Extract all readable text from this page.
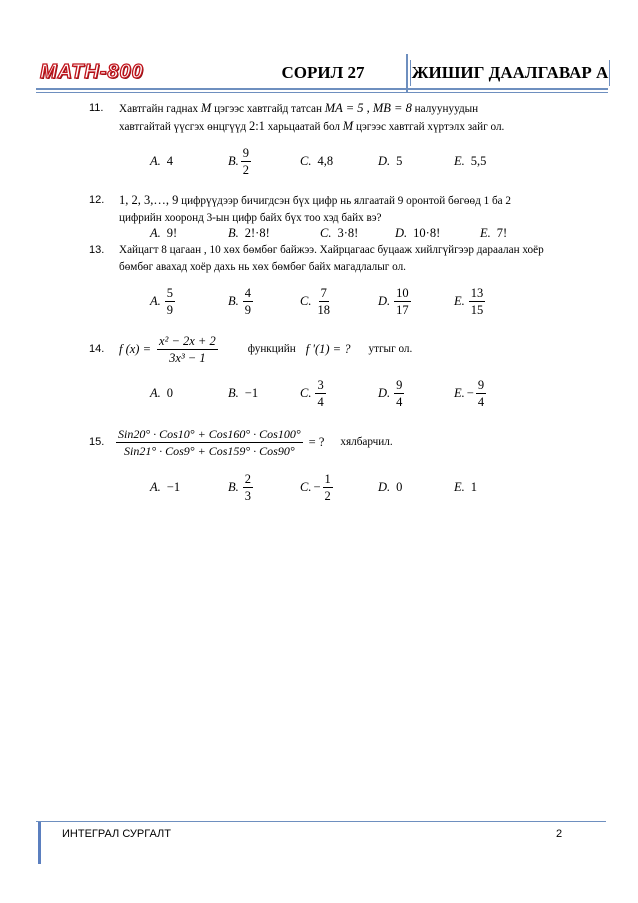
МАТН-800	СОРИЛ 27	ЖИШИГ ДААЛГАВАР А
11. Хавтгайн гаднах M цэгээс хавтгайд татсан MA = 5 , MB = 8 налуунуудын
хавтгайтай үүсгэх өнцгүүд 2:1 харьцаатай бол M цэгээс хавтгай хүртэлх зайг ол.
A. 4	B. $\frac{9}{2}$	C. 4,8	D. 5	E. 5,5
12. 1, 2, 3,…, 9 цифрүүдээр бичигдсэн бүх цифр нь ялгаатай 9 оронтой бөгөөд 1 ба 2
цифрийн хооронд 3-ын цифр байх бүх тоо хэд байх вэ?
A. 9!	B. 2!·8!	C. 3·8!	D. 10·8!	E. 7!
13. Хайцагт 8 цагаан , 10 хөх бөмбөг байжээ. Хайрцагаас буцааж хийлгүйгээр дараалан хоёр
бөмбөг авахад хоёр дахь нь хөх бөмбөг байх магадлалыг ол.
A. $\frac{5}{9}$	B. $\frac{4}{9}$	C. $\frac{7}{18}$	D. $\frac{10}{17}$	E. $\frac{13}{15}$
14. f $(x) = \frac{\text{x² − 2x + 2}}{\text{3x³ − 1}}$	функцийн f '(1) = ? утгыг ол.
A. 0	B. −1	C. $\frac{3}{4}$	D. $\frac{9}{4}$	E. − $\frac{9}{4}$
15. $\frac{\text{Sin20° · Cos10° + Cos160° · Cos100°}}{\text{Sin21° · Cos9° + Cos159° · Cos90°}}$ = ? хялбарчил.
A. −1	B. $\frac{2}{3}$	C. − $\frac{1}{2}$	D. 0	E. 1
ИНТЕГРАЛ СУРГАЛТ	2
